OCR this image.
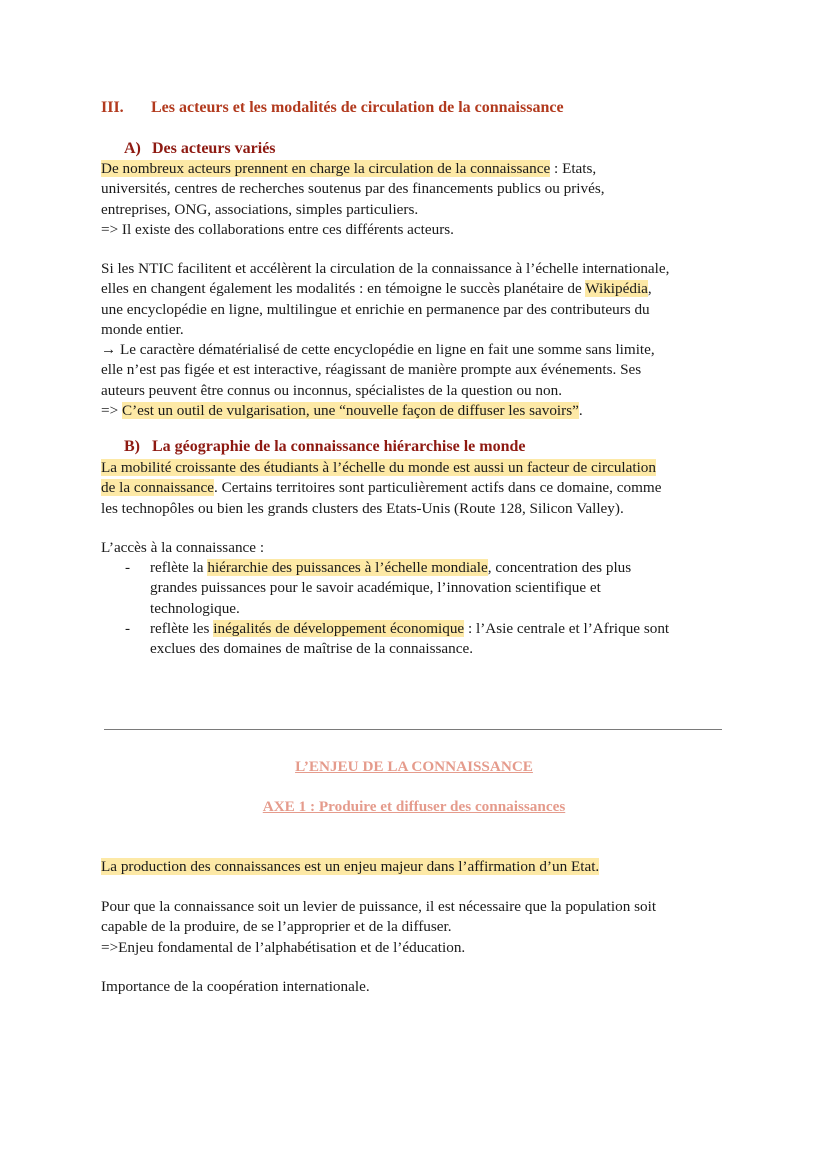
III. Les acteurs et les modalités de circulation de la connaissance
A) Des acteurs variés
De nombreux acteurs prennent en charge la circulation de la connaissance : Etats,
universités, centres de recherches soutenus par des financements publics ou privés,
entreprises, ONG, associations, simples particuliers.
=> Il existe des collaborations entre ces différents acteurs.
Si les NTIC facilitent et accélèrent la circulation de la connaissance à l’échelle internationale,
elles en changent également les modalités : en témoigne le succès planétaire de Wikipédia,
une encyclopédie en ligne, multilingue et enrichie en permanence par des contributeurs du
monde entier.
→ Le caractère dématérialisé de cette encyclopédie en ligne en fait une somme sans limite,
elle n’est pas figée et est interactive, réagissant de manière prompte aux événements. Ses
auteurs peuvent être connus ou inconnus, spécialistes de la question ou non.
=> C’est un outil de vulgarisation, une “nouvelle façon de diffuser les savoirs”.
B) La géographie de la connaissance hiérarchise le monde
La mobilité croissante des étudiants à l’échelle du monde est aussi un facteur de circulation
de la connaissance. Certains territoires sont particulièrement actifs dans ce domaine, comme
les technopôles ou bien les grands clusters des Etats-Unis (Route 128, Silicon Valley).
L’accès à la connaissance :
- reflète la hiérarchie des puissances à l’échelle mondiale, concentration des plus
grandes puissances pour le savoir académique, l’innovation scientifique et
technologique.
- reflète les inégalités de développement économique : l’Asie centrale et l’Afrique sont
exclues des domaines de maîtrise de la connaissance.
L’ENJEU DE LA CONNAISSANCE
AXE 1 : Produire et diffuser des connaissances
La production des connaissances est un enjeu majeur dans l’affirmation d’un Etat.
Pour que la connaissance soit un levier de puissance, il est nécessaire que la population soit
capable de la produire, de se l’approprier et de la diffuser.
=>Enjeu fondamental de l’alphabétisation et de l’éducation.
Importance de la coopération internationale.
